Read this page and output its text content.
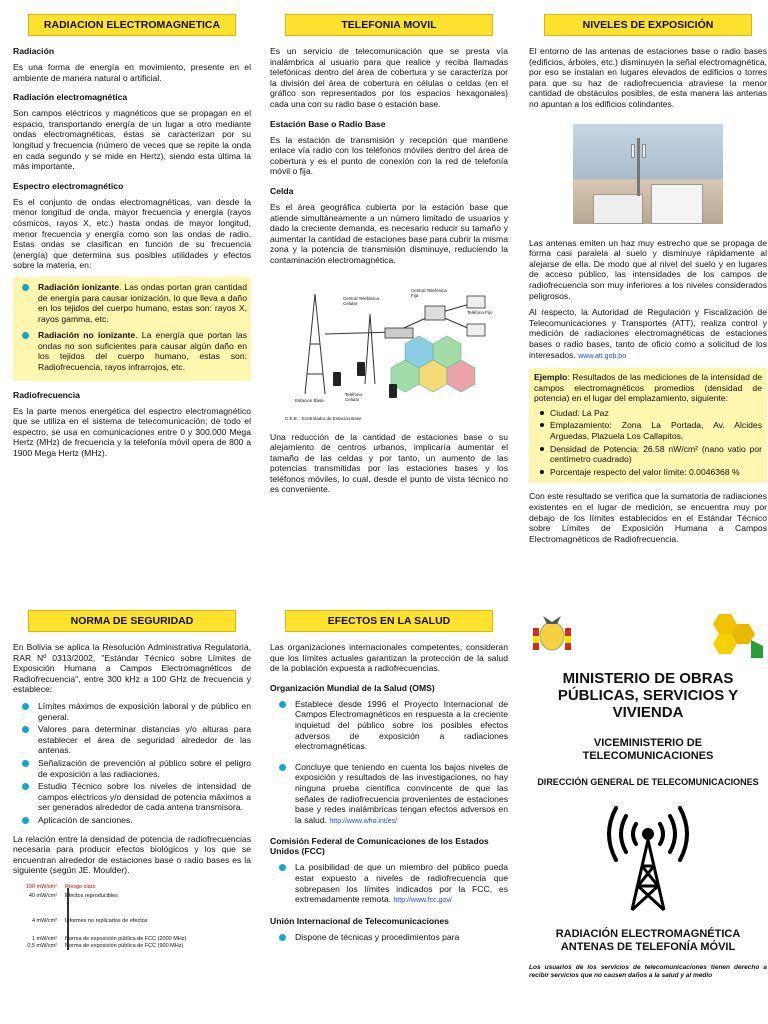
RADIACION ELECTROMAGNETICA
Radiación

Es una forma de energía en movimiento, presente en el ambiente de manera natural o artificial.

Radiación electromagnética

Son campos eléctricos y magnéticos que se propagan en el espacio, transportando energía de un lugar a otro mediante ondas electromagnéticas, éstas se caracterizan por su longitud y frecuencia (número de veces que se repite la onda en cada segundo y se mide en Hertz), siendo esta última la más importante.

Espectro electromagnético

Es el conjunto de ondas electromagnéticas, van desde la menor longitud de onda, mayor frecuencia y energía (rayos cósmicos, rayos X, etc.) hasta ondas de mayor longitud, menor frecuencia y energía como son las ondas de radio. Estas ondas se clasifican en función de su frecuencia (energía) que determina sus posibles utilidades y efectos sobre la materia, en:

Radiación ionizante. Las ondas portan gran cantidad de energía para causar ionización, lo que lleva a daño en los tejidos del cuerpo humano, estas son: rayos X, rayos gamma, etc.
Radiación no ionizante. La energía que portan las ondas no son suficientes para causar algún daño en los tejidos del cuerpo humano, estas son: Radiofrecuencia, rayos infrarrojos, etc.
Radiofrecuencia

Es la parte menos energética del espectro electromagnético que se utiliza en el sistema de telecomunicación; de todo el espectro, se usa en comunicaciones entre 0 y 300.000 Mega Hertz (MHz) de frecuencia y la telefonía móvil opera de 800 a 1900 Mega Hertz (MHz).

TELEFONIA MOVIL

Es un servicio de telecomunicación que se presta vía inalámbrica al usuario para que realice y reciba llamadas telefónicas dentro del área de cobertura y se caracteriza por la división del área de cobertura en células o celdas (en el gráfico son representados por los espacios hexagonales) cada una con su radio base o estación base.

Estación Base o Radio Base

Es la estación de transmisión y recepción que mantiene enlace vía radio con los teléfonos móviles dentro del área de cobertura y es el punto de conexión con la red de telefonía móvil o fija.

Celda

Es el área geográfica cubierta por la estación base que atiende simultáneamente a un número limitado de usuarios y dado la creciente demanda, es necesario reducir su tamaño y aumentar la cantidad de estaciones base para cubrir la misma zona y la potencia de transmisión disminuye, reduciendo la contaminación electromagnética.

Central Telefónica Celular
Central Telefónica Fija
Teléfono Fijo
Estación Base
Teléfono Celular
C.E.B. : Controlador de Estación Base

Una reducción de la cantidad de estaciones base o su alejamiento de centros urbanos, implicaría aumentar el tamaño de las celdas y por tanto, un aumento de las potencias transmitidas por las estaciones bases y los teléfonos móviles, lo cual, desde el punto de vista técnico no es conveniente.

NIVELES DE EXPOSICIÓN

El entorno de las antenas de estaciones base o radio bases (edificios, árboles, etc.) disminuyen la señal electromagnética, por eso se instalan en lugares elevados de edificios o torres para que su haz de radiofrecuencia atraviese la menor cantidad de obstáculos posibles, de esta manera las antenas no apuntan a los edificios colindantes.

Las antenas emiten un haz muy estrecho que se propaga de forma casi paralela al suelo y disminuye rápidamente al alejarse de ella. De modo que al nivel del suelo y en lugares de acceso público, las intensidades de los campos de radiofrecuencia son muy inferiores a los niveles considerados peligrosos.

Al respecto, la Autoridad de Regulación y Fiscalización de Telecomunicaciones y Transportes (ATT), realiza control y medición de radiaciones electromagnéticas de estaciones bases o radio bases, tanto de oficio como a solicitud de los interesados. www.att.gob.bo

Ejemplo: Resultados de las mediciones de la intensidad de campos electromagnéticos promedios (densidad de potencia) en el lugar del emplazamiento, siguiente:

Ciudad: La Paz
Emplazamiento: Zona La Portada, Av. Alcides Arguedas, Plazuela Los Callapitos.
Densidad de Potencia: 26.58 nW/cm² (nano vatio por centímetro cuadrado)
Porcentaje respecto del valor límite: 0.0046368 %

Con este resultado se verifica que la sumatoria de radiaciones existentes en el lugar de medición, se encuentra muy por debajo de los límites establecidos en el Estándar Técnico sobre Límites de Exposición Humana a Campos Electromagnéticos de Radiofrecuencia.

NORMA DE SEGURIDAD

En Bolivia se aplica la Resolución Administrativa Regulatoria, RAR Nº 0313/2002, "Estándar Técnico sobre Límites de Exposición Humana a Campos Electromagnéticos de Radiofrecuencia", entre 300 kHz a 100 GHz de frecuencia y establece:

Límites máximos de exposición laboral y de público en general.
Valores para determinar distancias y/o alturas para establecer el área de seguridad alrededor de las antenas.
Señalización de prevención al público sobre el peligro de exposición a las radiaciones.
Estudio Técnico sobre los niveles de intensidad de campos eléctricos y/o densidad de potencia máximos a ser generados alrededor de cada antena transmisora.
Aplicación de sanciones.

La relación entre la densidad de potencia de radiofrecuencias necesaria para producir efectos biológicos y los que se encuentran alrededor de estaciones base o radio bases es la siguiente (según JE. Moulder).

100 mW/cm² Riesgo claro
40 mW/cm² Efectos reproducibles
4 mW/cm² Informes no replicados de efectos
1 mW/cm² Norma de exposición pública de FCC (2000 MHz)
0,5 mW/cm² Norma de exposición pública de FCC (900 MHz)
EFECTOS EN LA SALUD

Las organizaciones internacionales competentes, consideran que los límites actuales garantizan la protección de la salud de la población expuesta a radiofrecuencias.

Organización Mundial de la Salud (OMS)
Establece desde 1996 el Proyecto Internacional de Campos Electromagnéticos en respuesta a la creciente inquietud del público sobre los posibles efectos adversos de exposición a radiaciones electromagnéticas.
Concluye que teniendo en cuenta los bajos niveles de exposición y resultados de las investigaciones, no hay ninguna prueba científica convincente de que las señales de radiofrecuencia provenientes de estaciones base y redes inalámbricas tengan efectos adversos en la salud. http://www.who.int/es/
Comisión Federal de Comunicaciones de los Estados Unidos (FCC)
La posibilidad de que un miembro del público pueda estar expuesto a niveles de radiofrecuencia que sobrepasen los límites indicados por la FCC, es extremadamente remota. http://www.fcc.gov/
Unión Internacional de Telecomunicaciones
Dispone de técnicas y procedimientos para
MINISTERIO DE OBRAS PÚBLICAS, SERVICIOS Y VIVIENDA
VICEMINISTERIO DE TELECOMUNICACIONES
DIRECCIÓN GENERAL DE TELECOMUNICACIONES
RADIACIÓN ELECTROMAGNÉTICA ANTENAS DE TELEFONÍA MÓVIL
Los usuarios de los servicios de telecomunicaciones tienen derecho a recibir servicios que no causen daños a la salud y al medio
